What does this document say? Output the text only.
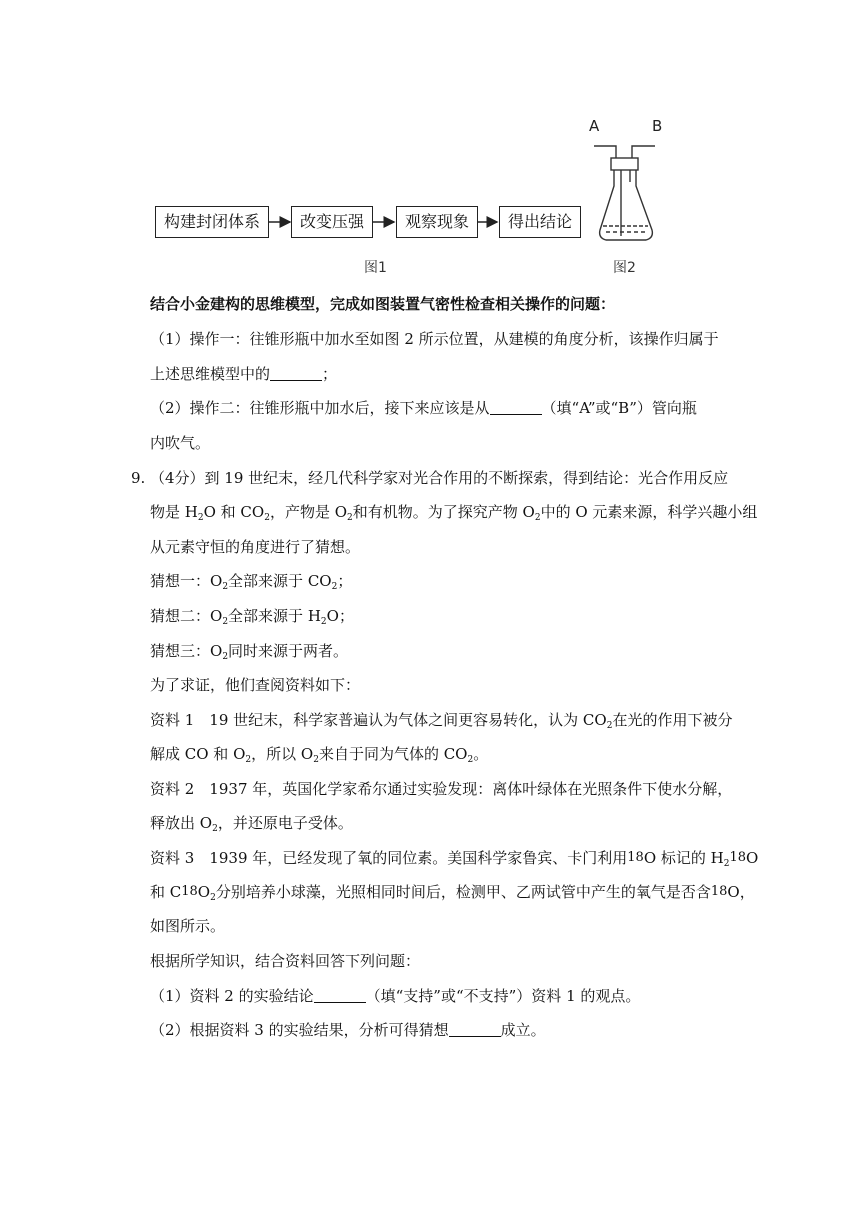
构建封闭体系	改变压强	观察现象	得出结论
图1
A	B
图2
结合小金建构的思维模型，完成如图装置气密性检查相关操作的问题：
（1）操作一：往锥形瓶中加水至如图 2 所示位置，从建模的角度分析，该操作归属于
上述思维模型中的	；
（2）操作二：往锥形瓶中加水后，接下来应该是从	（填“A”或“B”）管向瓶
内吹气。
9. （4分）到 19 世纪末，经几代科学家对光合作用的不断探索，得到结论：光合作用反应
物是 $H_2O$ 和 $CO_2$，产物是 $O_2$和有机物。为了探究产物 $O_2$中的 O 元素来源，科学兴趣小组
从元素守恒的角度进行了猜想。
猜想一：$O_2$全部来源于 $CO_2$；
猜想二：$O_2$全部来源于 $H_2O$；
猜想三：$O_2$同时来源于两者。
为了求证，他们查阅资料如下：
资料 1　19 世纪末，科学家普遍认为气体之间更容易转化，认为 $CO_2$在光的作用下被分
解成 CO 和 $O_2$，所以 $O_2$来自于同为气体的 $CO_2$。
资料 2　1937 年，英国化学家希尔通过实验发现：离体叶绿体在光照条件下使水分解，
释放出 $O_2$，并还原电子受体。
资料 3　1939 年，已经发现了氧的同位素。美国科学家鲁宾、卡门利用$^{18}$O 标记的 $H_2^{18}O$
和 $C^{18}O_2$分别培养小球藻，光照相同时间后，检测甲、乙两试管中产生的氧气是否含$^{18}$O，
如图所示。
根据所学知识，结合资料回答下列问题：
（1）资料 2 的实验结论	（填“支持”或“不支持”）资料 1 的观点。
（2）根据资料 3 的实验结果，分析可得猜想	成立。
